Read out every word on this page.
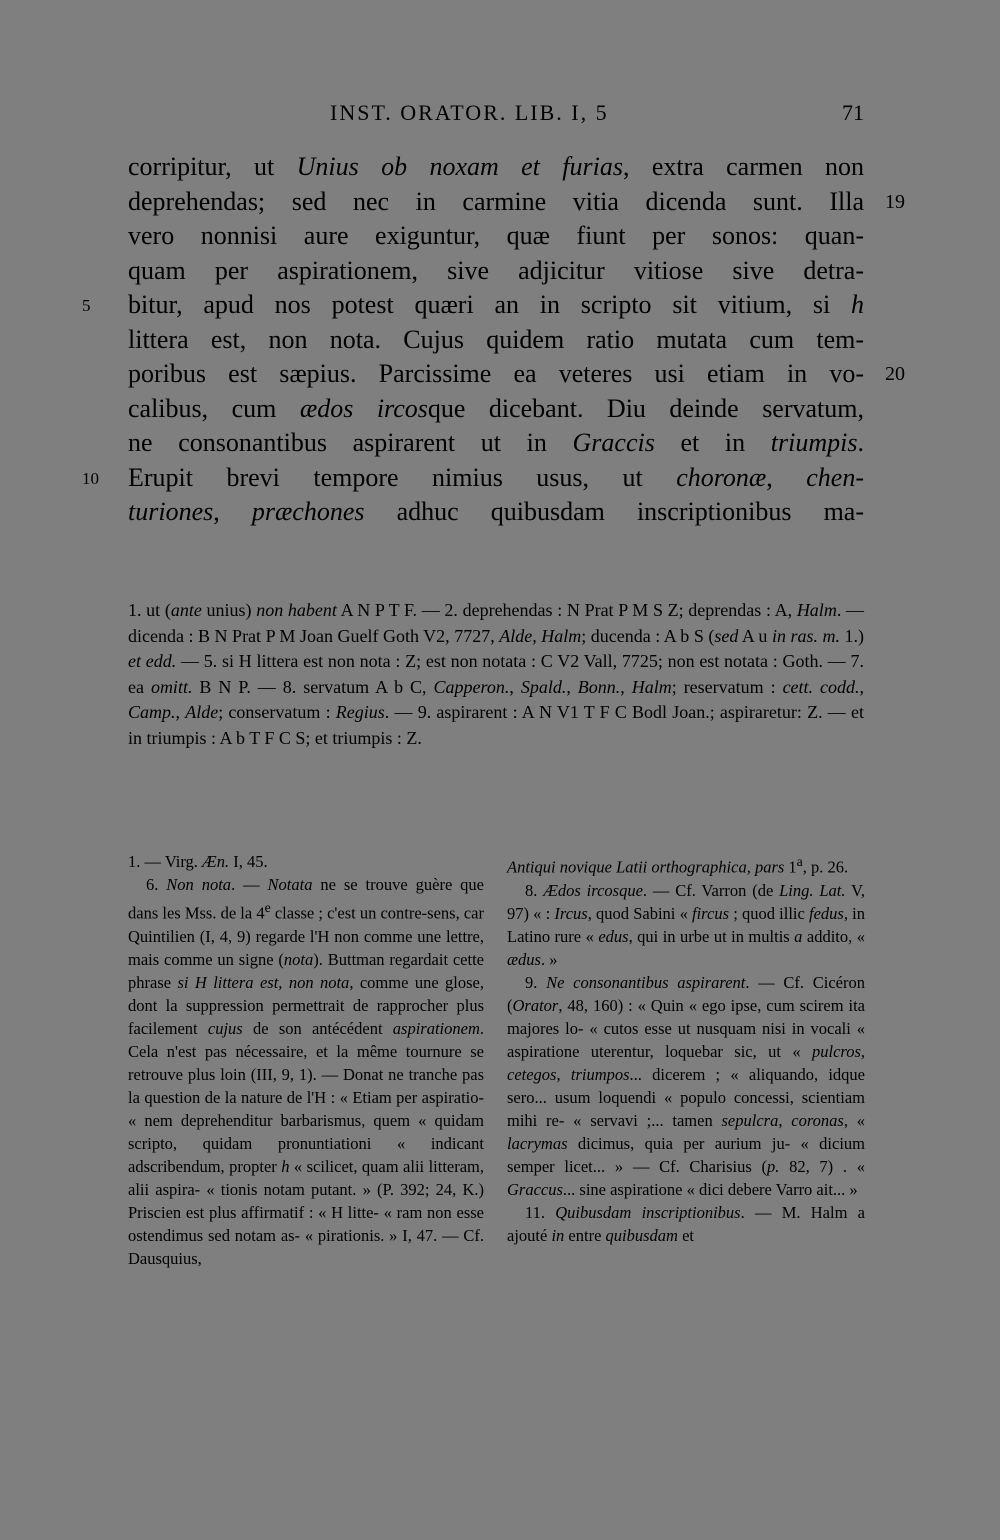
INST. ORATOR. LIB. I, 5	71
corripitur, ut Unius ob noxam et furias, extra carmen non
deprehendas; sed nec in carmine vitia dicenda sunt. Illa
vero nonnisi aure exiguntur, quæ fiunt per sonos: quan-
quam per aspirationem, sive adjicitur vitiose sive detra-
bitur, apud nos potest quæri an in scripto sit vitium, si h
littera est, non nota. Cujus quidem ratio mutata cum tem-
poribus est sæpius. Parcissime ea veteres usi etiam in vo-
calibus, cum ædos ircosque dicebant. Diu deinde servatum,
ne consonantibus aspirarent ut in Graccis et in triumpis.
Erupit brevi tempore nimius usus, ut choronæ, chen-
turiones, præchones adhuc quibusdam inscriptionibus ma-
5
10
19
20
1. ut (ante unius) non habent A N P T F. — 2. deprehendas : N Prat P M S Z; deprendas : A, Halm. — dicenda : B N Prat P M Joan Guelf Goth V2, 7727, Alde, Halm; ducenda : A b S (sed A u in ras. m. 1.) et edd. — 5. si H littera est non nota : Z; est non notata : C V2 Vall, 7725; non est notata : Goth. — 7. ea omitt. B N P. — 8. servatum A b C, Capperon., Spald., Bonn., Halm; reservatum : cett. codd., Camp., Alde; conservatum : Regius. — 9. aspirarent : A N V1 T F C Bodl Joan.; aspiraretur: Z. — et in triumpis : A b T F C S; et triumpis : Z.

1. — Virg. Æn. I, 45.

6. Non nota. — Notata ne se trouve guère que dans les Mss. de la 4e classe ; c'est un contre-sens, car Quintilien (I, 4, 9) regarde l'H non comme une lettre, mais comme un signe (nota). Buttman regardait cette phrase si H littera est, non nota, comme une glose, dont la suppression permettrait de rapprocher plus facilement cujus de son antécédent aspirationem. Cela n'est pas nécessaire, et la même tournure se retrouve plus loin (III, 9, 1). — Donat ne tranche pas la question de la nature de l'H : « Etiam per aspiratio- « nem deprehenditur barbarismus, quem « quidam scripto, quidam pronuntiationi « indicant adscribendum, propter h « scilicet, quam alii litteram, alii aspira- « tionis notam putant. » (P. 392; 24, K.) Priscien est plus affirmatif : « H litte- « ram non esse ostendimus sed notam as- « pirationis. » I, 47. — Cf. Dausquius,

Antiqui novique Latii orthographica, pars 1$^a$, p. 26.

8. Ædos ircosque. — Cf. Varron (de Ling. Lat. V, 97) « : Ircus, quod Sabini « fircus ; quod illic fedus, in Latino rure « edus, qui in urbe ut in multis a addito, « ædus. »

9. Ne consonantibus aspirarent. — Cf. Cicéron (Orator, 48, 160) : « Quin « ego ipse, cum scirem ita majores lo- « cutos esse ut nusquam nisi in vocali « aspiratione uterentur, loquebar sic, ut « pulcros, cetegos, triumpos... dicerem ; « aliquando, idque sero... usum loquendi « populo concessi, scientiam mihi re- « servavi ;... tamen sepulcra, coronas, « lacrymas dicimus, quia per aurium ju- « dicium semper licet... » — Cf. Charisius (p. 82, 7) . « Graccus... sine aspiratione « dici debere Varro ait... »

11. Quibusdam inscriptionibus. — M. Halm a ajouté in entre quibusdam et
